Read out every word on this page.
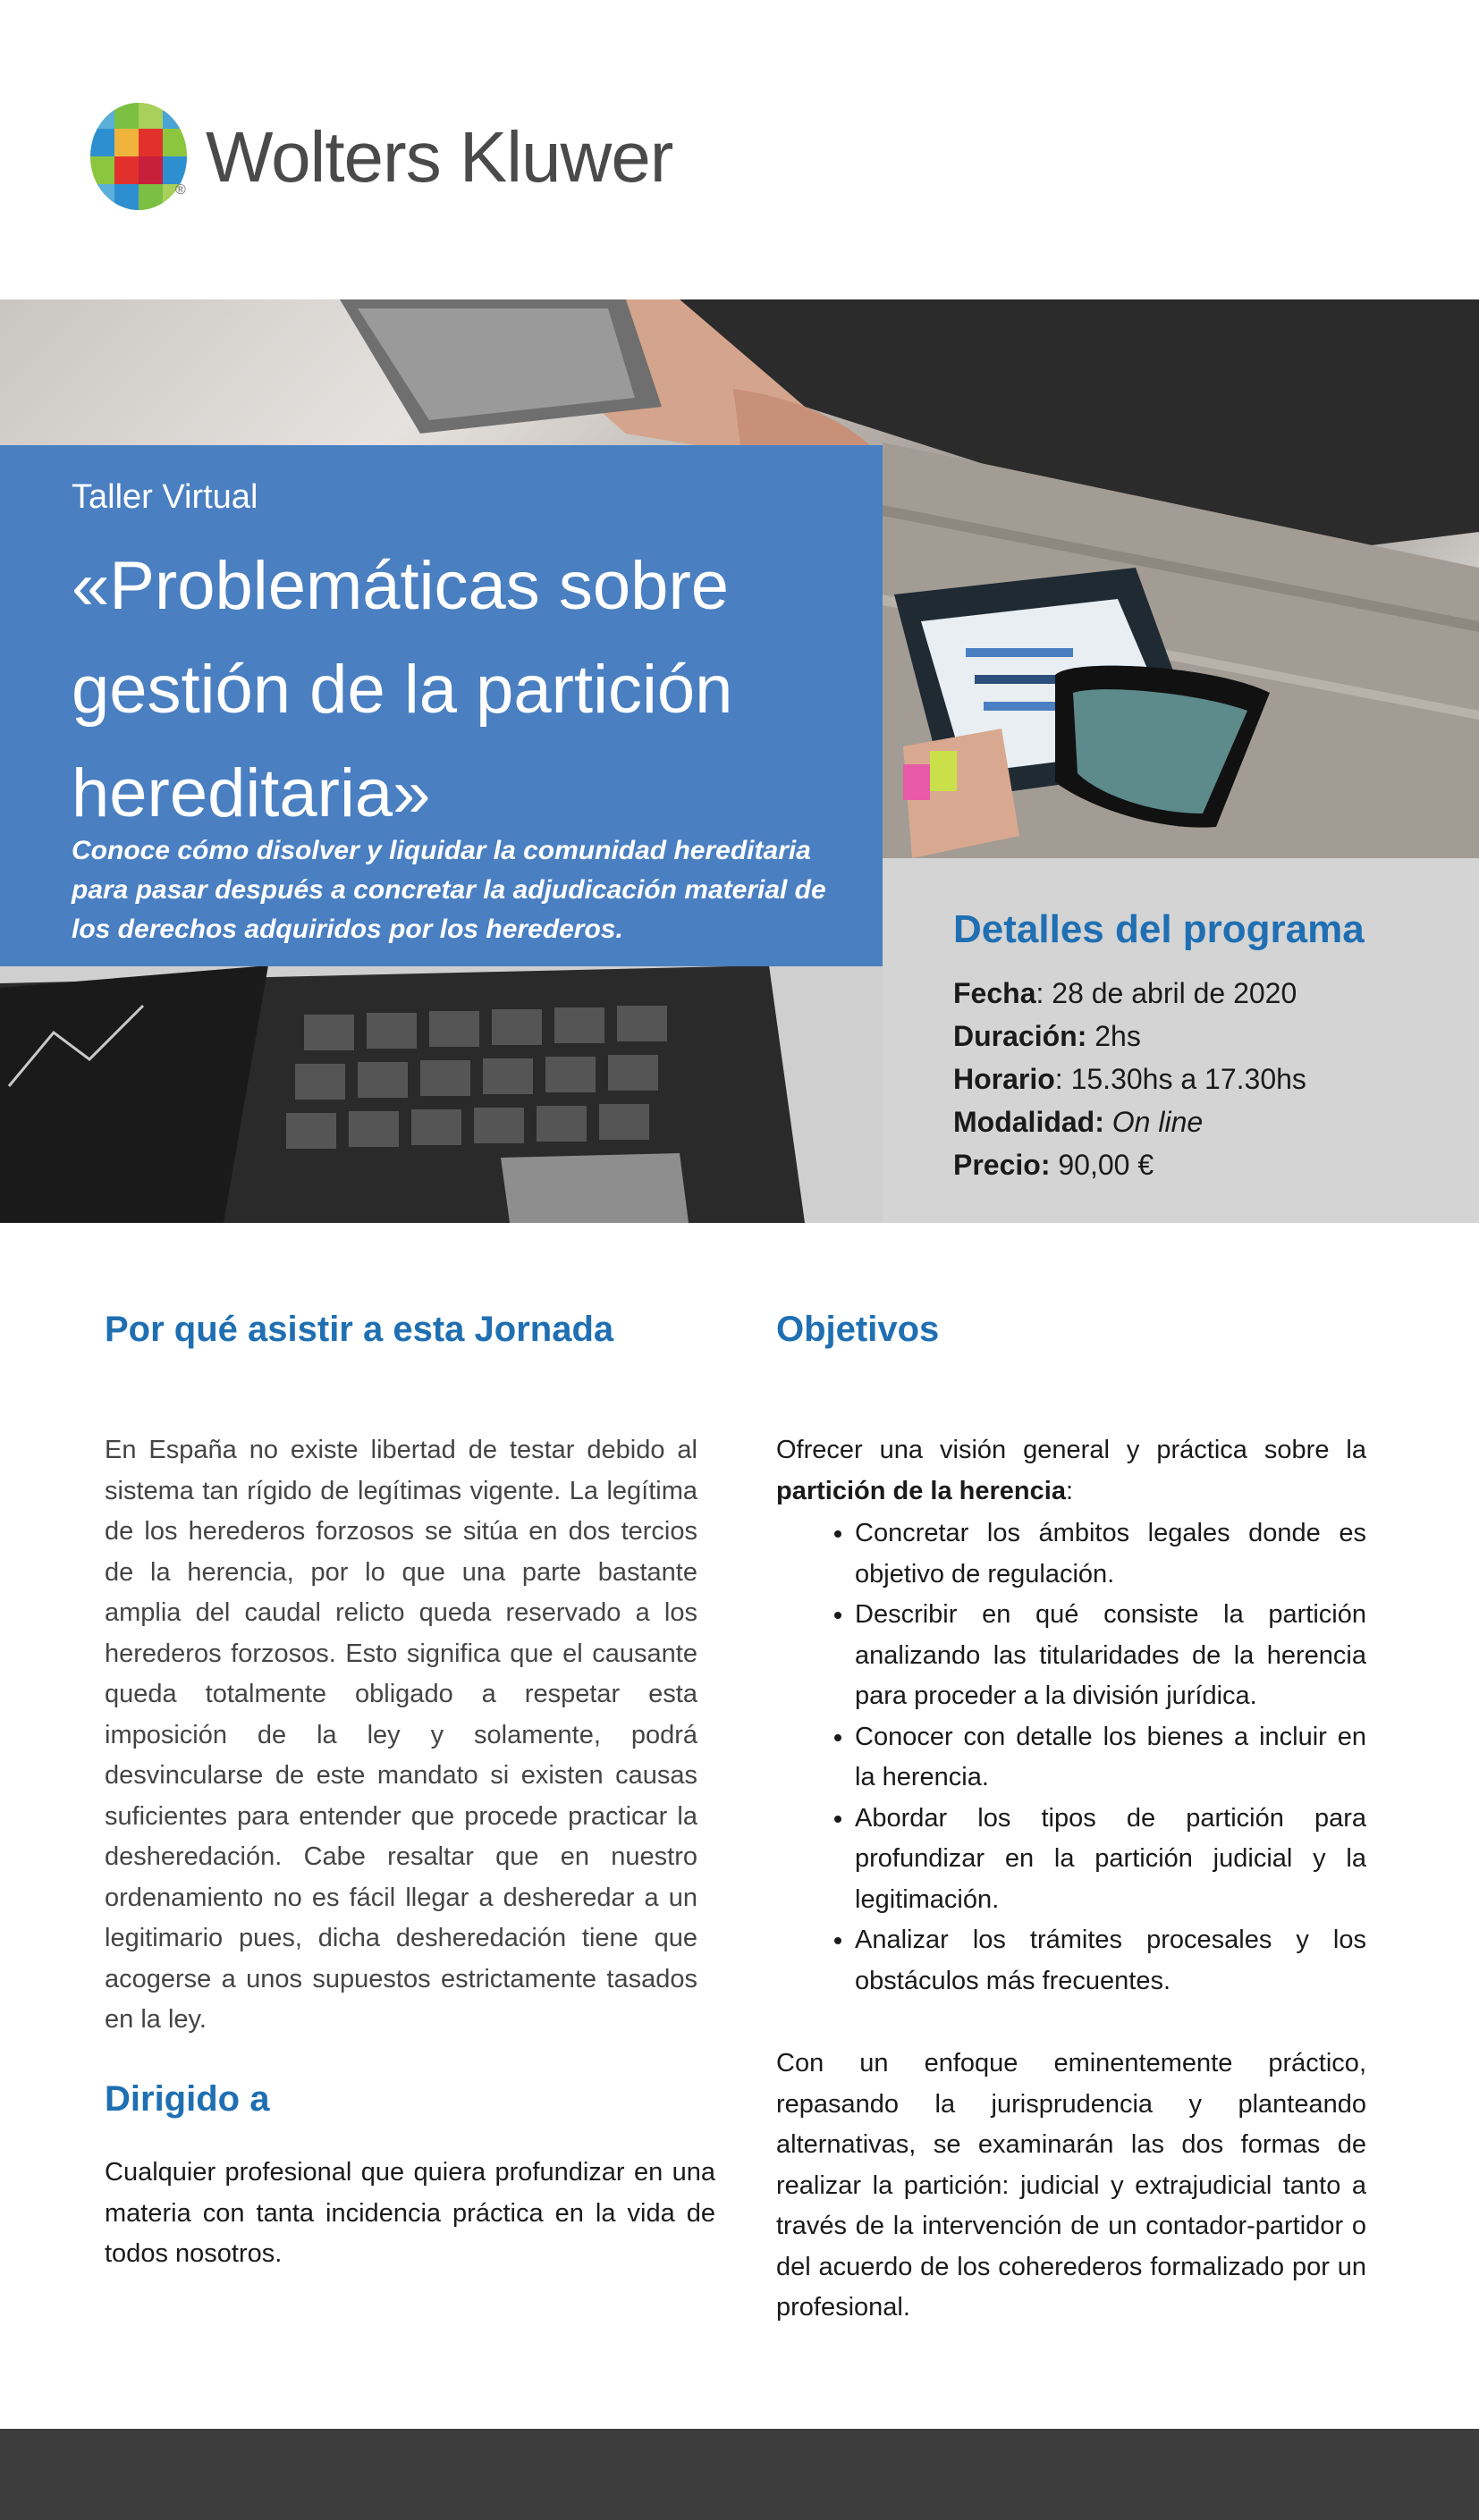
® Wolters Kluwer
Taller Virtual
«Problemáticas sobre gestión de la partición hereditaria»
Conoce cómo disolver y liquidar la comunidad hereditaria para pasar después a concretar la adjudicación material de los derechos adquiridos por los herederos.	Detalles del programa
Fecha: 28 de abril de 2020
Duración: 2hs
Horario: 15.30hs a 17.30hs
Modalidad: On line
Precio: 90,00 €
Por qué asistir a esta Jornada
En España no existe libertad de testar debido al sistema tan rígido de legítimas vigente. La legítima de los herederos forzosos se sitúa en dos tercios de la herencia, por lo que una parte bastante amplia del caudal relicto queda reservado a los herederos forzosos. Esto significa que el causante queda totalmente obligado a respetar esta imposición de la ley y solamente, podrá desvincularse de este mandato si existen causas suficientes para entender que procede practicar la desheredación. Cabe resaltar que en nuestro ordenamiento no es fácil llegar a desheredar a un legitimario pues, dicha desheredación tiene que acogerse a unos supuestos estrictamente tasados en la ley.
Dirigido a
Cualquier profesional que quiera profundizar en una materia con tanta incidencia práctica en la vida de todos nosotros.
Objetivos
Ofrecer una visión general y práctica sobre la partición de la herencia:
• Concretar los ámbitos legales donde es objetivo de regulación.
• Describir en qué consiste la partición analizando las titularidades de la herencia para proceder a la división jurídica.
• Conocer con detalle los bienes a incluir en la herencia.
• Abordar los tipos de partición para profundizar en la partición judicial y la legitimación.
• Analizar los trámites procesales y los obstáculos más frecuentes.
Con un enfoque eminentemente práctico, repasando la jurisprudencia y planteando alternativas, se examinarán las dos formas de realizar la partición: judicial y extrajudicial tanto a través de la intervención de un contador-partidor o del acuerdo de los coherederos formalizado por un profesional.
